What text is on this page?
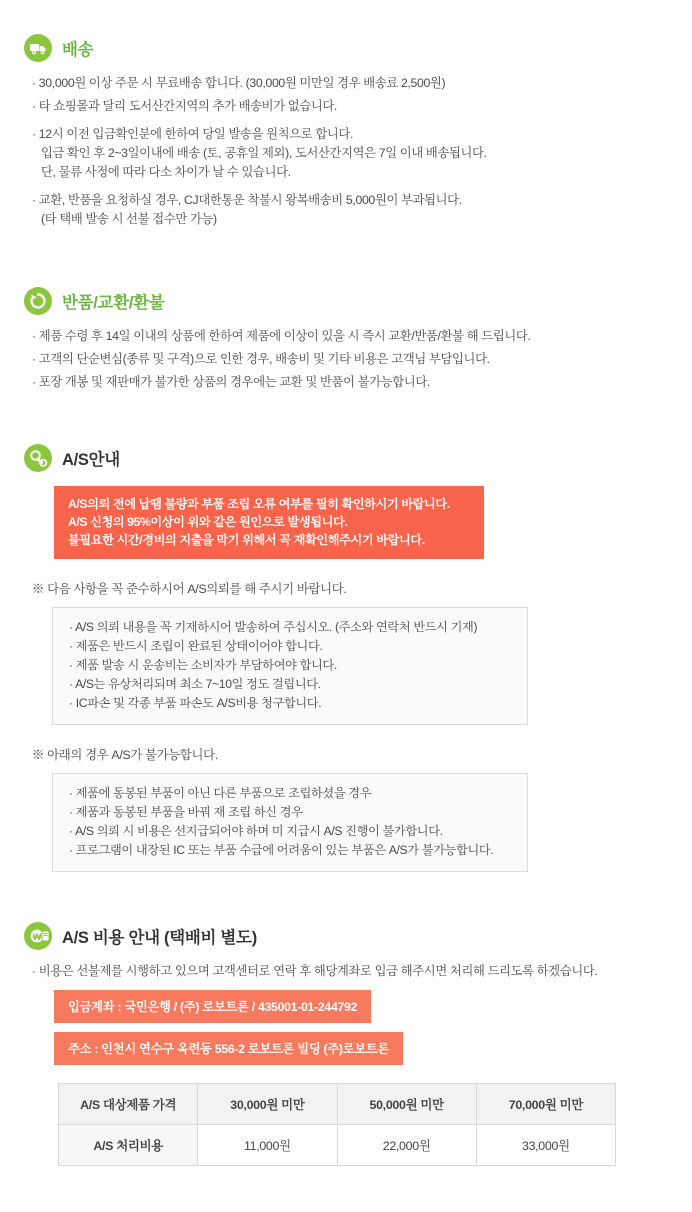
배송
· 30,000원 이상 주문 시 무료배송 합니다. (30,000원 미만일 경우 배송료 2,500원)
· 타 쇼핑몰과 달리 도서산간지역의 추가 배송비가 없습니다.
· 12시 이전 입금확인분에 한하여 당일 발송을 원칙으로 합니다.
입금 확인 후 2~3일이내에 배송 (토, 공휴일 제외), 도서산간지역은 7일 이내 배송됩니다.
단, 물류 사정에 따라 다소 차이가 날 수 있습니다.
· 교환, 반품을 요청하실 경우, CJ대한통운 착불시 왕복배송비 5,000원이 부과됩니다.
(타 택배 발송 시 선불 접수만 가능)
반품/교환/환불
· 제품 수령 후 14일 이내의 상품에 한하여 제품에 이상이 있을 시 즉시 교환/반품/환불 해 드립니다.
· 고객의 단순변심(종류 및 구격)으로 인한 경우, 배송비 및 기타 비용은 고객님 부담입니다.
· 포장 개봉 및 재판매가 불가한 상품의 경우에는 교환 및 반품이 불가능합니다.
A/S안내
A/S의뢰 전에 납땜 불량과 부품 조립 오류 여부를 필히 확인하시기 바랍니다.
A/S 신청의 95%이상이 위와 같은 원인으로 발생됩니다.
불필요한 시간/경비의 지출을 막기 위해서 꼭 재확인해주시기 바랍니다.
※ 다음 사항을 꼭 준수하시어 A/S의뢰를 해 주시기 바랍니다.
· A/S 의뢰 내용을 꼭 기재하시어 발송하여 주십시오. (주소와 연락처 반드시 기재)
· 제품은 반드시 조립이 완료된 상태이어야 합니다.
· 제품 발송 시 운송비는 소비자가 부담하여야 합니다.
· A/S는 유상처리되며 최소 7~10일 정도 걸립니다.
· IC파손 및 각종 부품 파손도 A/S비용 청구합니다.
※ 아래의 경우 A/S가 불가능합니다.
· 제품에 동봉된 부품이 아닌 다른 부품으로 조립하셨을 경우
· 제품과 동봉된 부품을 바꿔 재 조립 하신 경우
· A/S 의뢰 시 비용은 선지급되어야 하며 미 지급시 A/S 진행이 불가합니다.
· 프로그램이 내장된 IC 또는 부품 수급에 어려움이 있는 부품은 A/S가 불가능합니다.
₩ A/S 비용 안내 (택배비 별도)
· 비용은 선불제를 시행하고 있으며 고객센터로 연락 후 해당계좌로 입금 해주시면 처리해 드리도록 하겠습니다.
입금계좌 : 국민은행 / (주) 로보트론 / 435001-01-244792 주소 : 인천시 연수구 옥련동 556-2 로보트론 빌딩 (주)로보트론
A/S 대상제품 가격	30,000원 미만	50,000원 미만	70,000원 미만
A/S 처리비용	11,000원	22,000원	33,000원
